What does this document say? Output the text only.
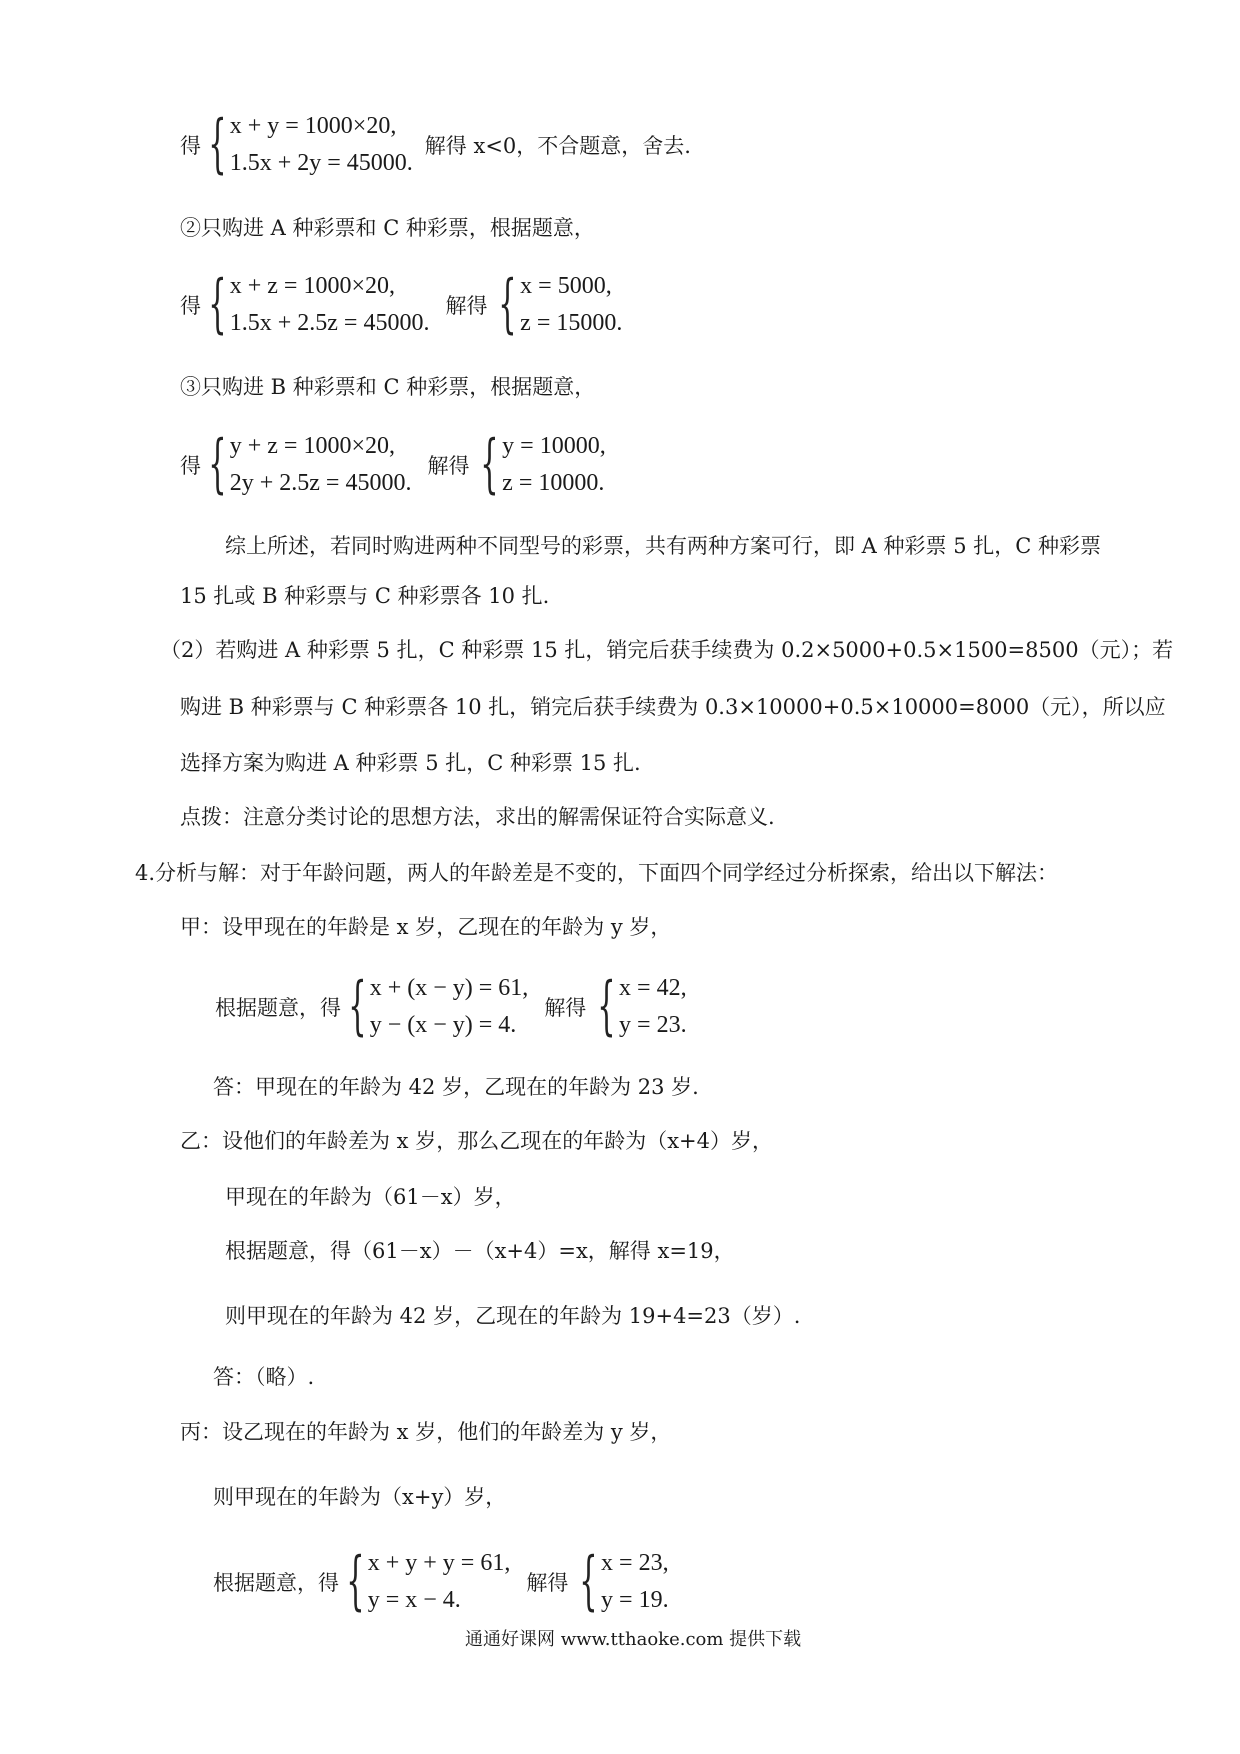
得 { x + y = 1000×20,
1.5x + 2y = 45000.
解得 x<0，不合题意，舍去.
②只购进 A 种彩票和 C 种彩票，根据题意，
得 { x + z = 1000×20,
1.5x + 2.5z = 45000.
解得 { x = 5000,
z = 15000.
③只购进 B 种彩票和 C 种彩票，根据题意，
得 { y + z = 1000×20,
2y + 2.5z = 45000.
解得 { y = 10000,
z = 10000.
综上所述，若同时购进两种不同型号的彩票，共有两种方案可行，即 A 种彩票 5 扎，C 种彩票
15 扎或 B 种彩票与 C 种彩票各 10 扎.
（2）若购进 A 种彩票 5 扎，C 种彩票 15 扎，销完后获手续费为 0.2×5000+0.5×1500=8500（元）；若
购进 B 种彩票与 C 种彩票各 10 扎，销完后获手续费为 0.3×10000+0.5×10000=8000（元），所以应
选择方案为购进 A 种彩票 5 扎，C 种彩票 15 扎.
点拨：注意分类讨论的思想方法，求出的解需保证符合实际意义.
4.分析与解：对于年龄问题，两人的年龄差是不变的，下面四个同学经过分析探索，给出以下解法：
甲：设甲现在的年龄是 x 岁，乙现在的年龄为 y 岁，
根据题意，得 { x + (x − y) = 61,
y − (x − y) = 4.
解得 { x = 42,
y = 23.
答：甲现在的年龄为 42 岁，乙现在的年龄为 23 岁.
乙：设他们的年龄差为 x 岁，那么乙现在的年龄为（x+4）岁，
甲现在的年龄为（61－x）岁，
根据题意，得（61－x）－（x+4）=x，解得 x=19，
则甲现在的年龄为 42 岁，乙现在的年龄为 19+4=23（岁）.
答：（略）.
丙：设乙现在的年龄为 x 岁，他们的年龄差为 y 岁，
则甲现在的年龄为（x+y）岁，
根据题意，得 { x + y + y = 61,
y = x − 4.
解得 { x = 23,
y = 19.
通通好课网 www.tthaoke.com 提供下载
